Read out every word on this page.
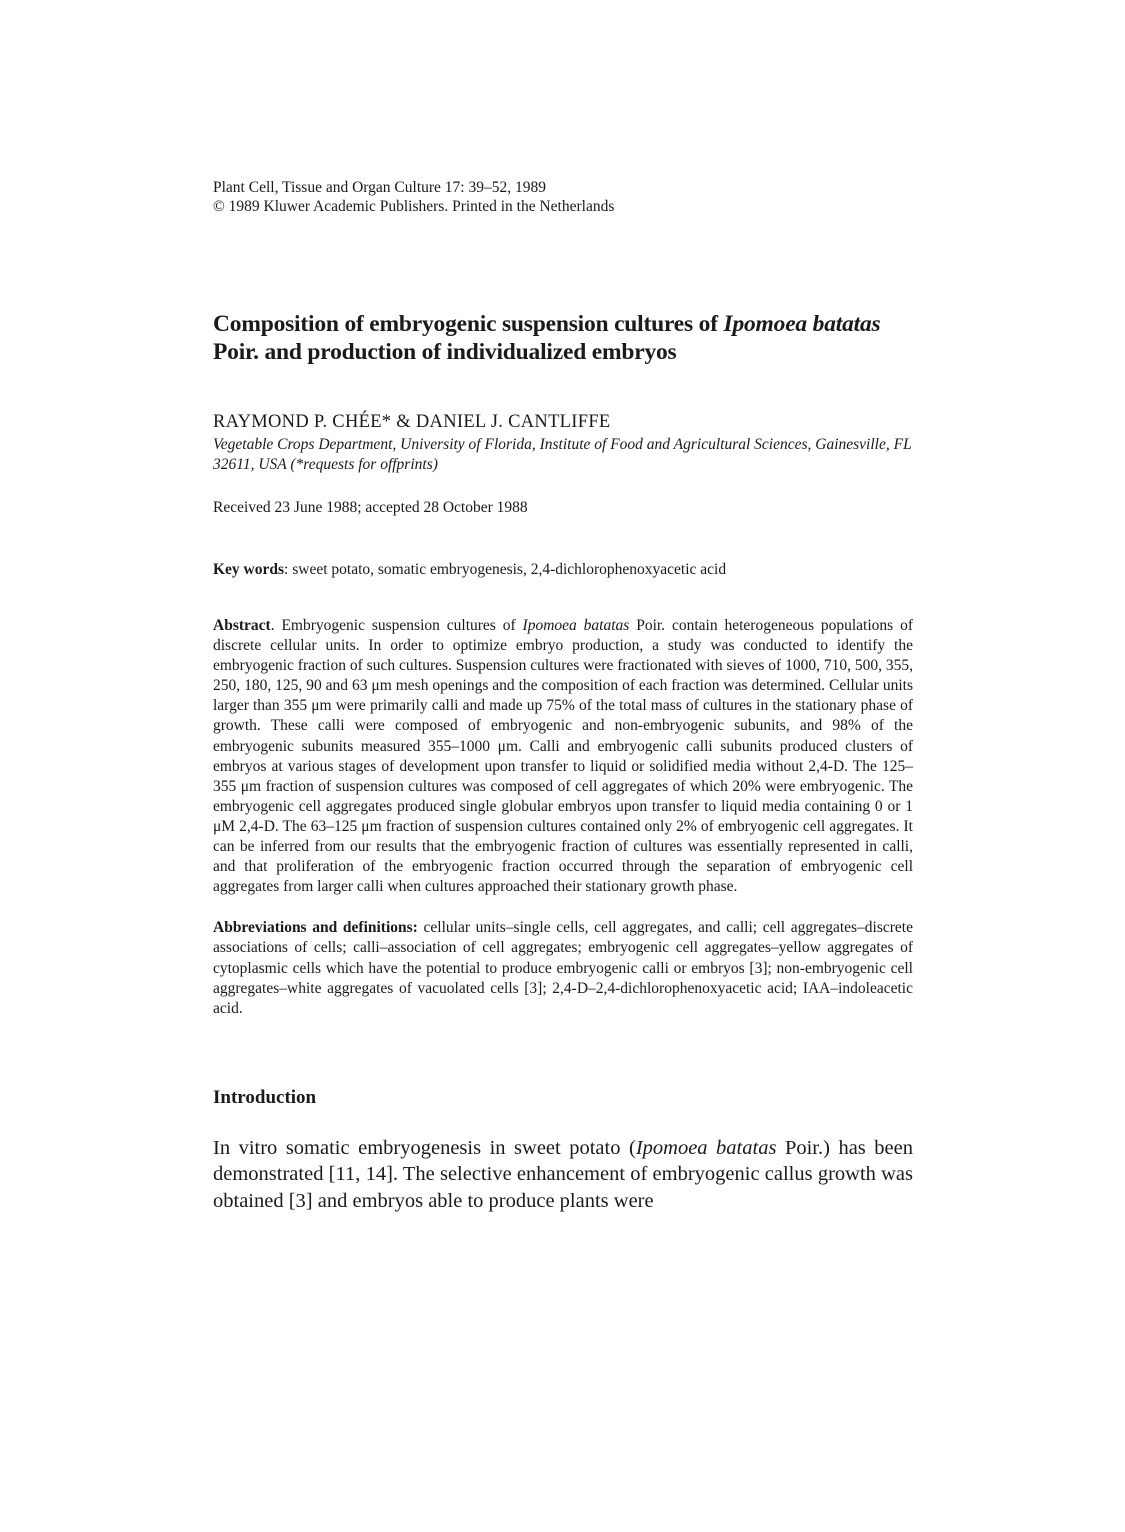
Plant Cell, Tissue and Organ Culture 17: 39–52, 1989
© 1989 Kluwer Academic Publishers. Printed in the Netherlands
Composition of embryogenic suspension cultures of Ipomoea batatas Poir. and production of individualized embryos
RAYMOND P. CHÉE* & DANIEL J. CANTLIFFE
Vegetable Crops Department, University of Florida, Institute of Food and Agricultural Sciences, Gainesville, FL 32611, USA (*requests for offprints)
Received 23 June 1988; accepted 28 October 1988
Key words: sweet potato, somatic embryogenesis, 2,4-dichlorophenoxyacetic acid
Abstract. Embryogenic suspension cultures of Ipomoea batatas Poir. contain heterogeneous populations of discrete cellular units. In order to optimize embryo production, a study was conducted to identify the embryogenic fraction of such cultures. Suspension cultures were fractionated with sieves of 1000, 710, 500, 355, 250, 180, 125, 90 and 63 μm mesh openings and the composition of each fraction was determined. Cellular units larger than 355 μm were primarily calli and made up 75% of the total mass of cultures in the stationary phase of growth. These calli were composed of embryogenic and non-embryogenic subunits, and 98% of the embryogenic subunits measured 355–1000 μm. Calli and embryogenic calli subunits produced clusters of embryos at various stages of development upon transfer to liquid or solidified media without 2,4-D. The 125–355 μm fraction of suspension cultures was composed of cell aggregates of which 20% were embryogenic. The embryogenic cell aggregates produced single globular embryos upon transfer to liquid media containing 0 or 1 μM 2,4-D. The 63–125 μm fraction of suspension cultures contained only 2% of embryogenic cell aggregates. It can be inferred from our results that the embryogenic fraction of cultures was essentially represented in calli, and that proliferation of the embryogenic fraction occurred through the separation of embryogenic cell aggregates from larger calli when cultures approached their stationary growth phase.
Abbreviations and definitions: cellular units–single cells, cell aggregates, and calli; cell aggregates–discrete associations of cells; calli–association of cell aggregates; embryogenic cell aggregates–yellow aggregates of cytoplasmic cells which have the potential to produce embryogenic calli or embryos [3]; non-embryogenic cell aggregates–white aggregates of vacuolated cells [3]; 2,4-D–2,4-dichlorophenoxyacetic acid; IAA–indoleacetic acid.
Introduction
In vitro somatic embryogenesis in sweet potato (Ipomoea batatas Poir.) has been demonstrated [11, 14]. The selective enhancement of embryogenic callus growth was obtained [3] and embryos able to produce plants were
